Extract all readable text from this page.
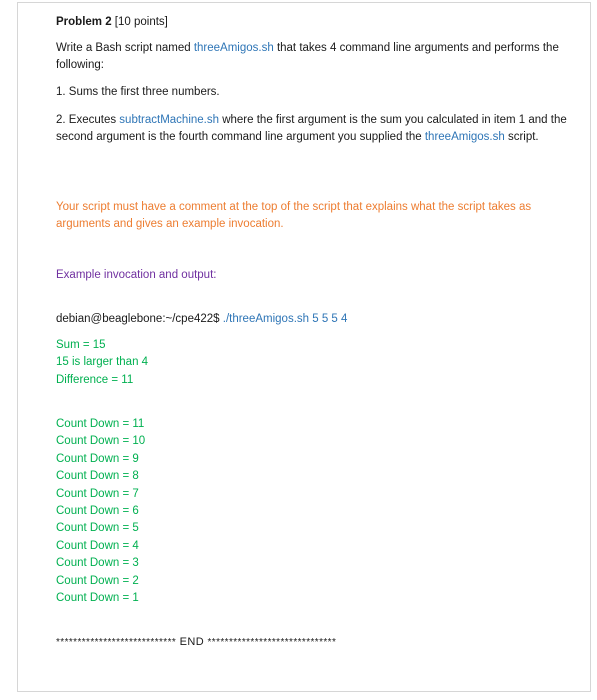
Problem 2 [10 points]
Write a Bash script named threeAmigos.sh that takes 4 command line arguments and performs the following:
1. Sums the first three numbers.
2. Executes subtractMachine.sh where the first argument is the sum you calculated in item 1 and the second argument is the fourth command line argument you supplied the threeAmigos.sh script.
Your script must have a comment at the top of the script that explains what the script takes as arguments and gives an example invocation.
Example invocation and output:
debian@beaglebone:~/cpe422$ ./threeAmigos.sh 5 5 5 4
Sum = 15
15 is larger than 4
Difference = 11
Count Down = 11
Count Down = 10
Count Down = 9
Count Down = 8
Count Down = 7
Count Down = 6
Count Down = 5
Count Down = 4
Count Down = 3
Count Down = 2
Count Down = 1
**************************** END ******************************
